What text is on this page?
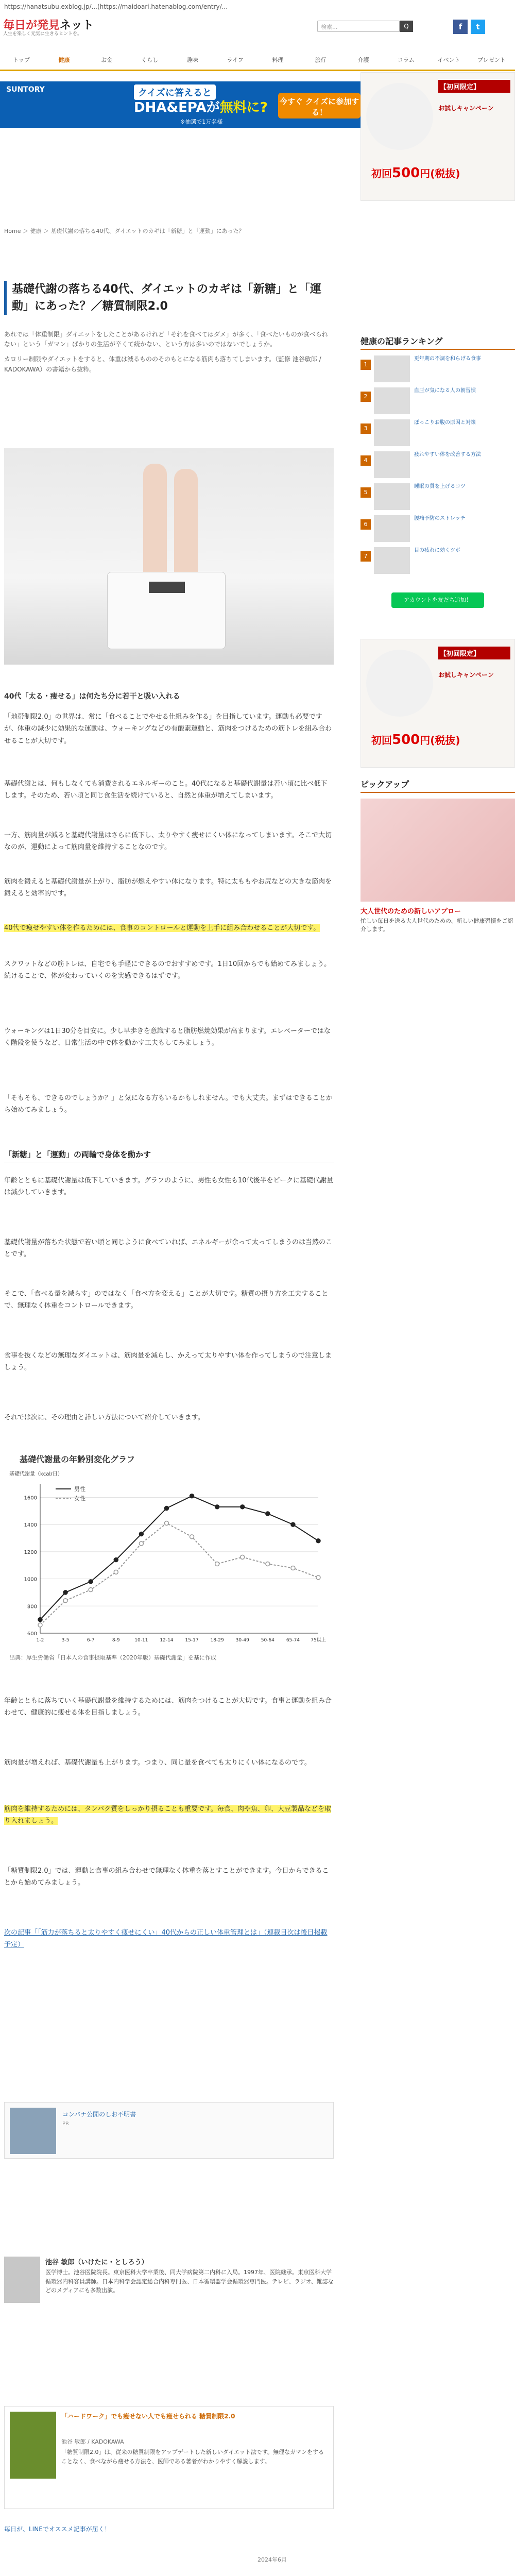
https://hanatsubu.exblog.jp/...(https://maidoari.hatenablog.com/entry/...
毎日が発見ネット
人生を楽しく元気に生きるヒントを。
検索...	Q	f	t
トップ	健康	お金	くらし	趣味	ライフ	料理	旅行	介護	コラム	イベント	プレゼント
SUNTORY	クイズに答えると
DHA&EPAが無料に? 今すぐ クイズに参加する！
※抽選で1万名様
Home ＞ 健康 ＞ 基礎代謝の落ちる40代、ダイエットのカギは「新糖」と「運動」にあった？
基礎代謝の落ちる40代、ダイエットのカギは「新糖」と「運動」にあった？／糖質制限2.0

あれでは「体重制限」ダイエットをしたことがあるけれど「それを食べてはダメ」が多く、「食べたいものが食べられない」という「ガマン」ばかりの生活が辛くて続かない、という方は多いのではないでしょうか。

カロリー制限やダイエットをすると、体重は減るもののそのもとになる筋肉も落ちてしまいます。（監修 池谷敏郎 / KADOKAWA）の書籍から抜粋。

40代「太る・痩せる」は何たち分に若干と吸い入れる

「地帯制限2.0」の世界は、常に「食べることでやせる仕組みを作る」を目指しています。運動も必要ですが、体重の減少に効果的な運動は、ウォーキングなどの有酸素運動と、筋肉をつけるための筋トレを組み合わせることが大切です。

基礎代謝とは、何もしなくても消費されるエネルギーのこと。40代になると基礎代謝量は若い頃に比べ低下します。そのため、若い頃と同じ食生活を続けていると、自然と体重が増えてしまいます。

一方、筋肉量が減ると基礎代謝量はさらに低下し、太りやすく痩せにくい体になってしまいます。そこで大切なのが、運動によって筋肉量を維持することなのです。

筋肉を鍛えると基礎代謝量が上がり、脂肪が燃えやすい体になります。特に太ももやお尻などの大きな筋肉を鍛えると効率的です。

40代で痩せやすい体を作るためには、食事のコントロールと運動を上手に組み合わせることが大切です。

スクワットなどの筋トレは、自宅でも手軽にできるのでおすすめです。1日10回からでも始めてみましょう。続けることで、体が変わっていくのを実感できるはずです。

ウォーキングは1日30分を目安に。少し早歩きを意識すると脂肪燃焼効果が高まります。エレベーターではなく階段を使うなど、日常生活の中で体を動かす工夫もしてみましょう。

「そもそも、できるのでしょうか？」と気になる方もいるかもしれません。でも大丈夫。まずはできることから始めてみましょう。

「新糖」と「運動」の両輪で身体を動かす

年齢とともに基礎代謝量は低下していきます。グラフのように、男性も女性も10代後半をピークに基礎代謝量は減少していきます。

基礎代謝量が落ちた状態で若い頃と同じように食べていれば、エネルギーが余って太ってしまうのは当然のことです。

そこで、「食べる量を減らす」のではなく「食べ方を変える」ことが大切です。糖質の摂り方を工夫することで、無理なく体重をコントロールできます。

食事を抜くなどの無理なダイエットは、筋肉量を減らし、かえって太りやすい体を作ってしまうので注意しましょう。

それでは次に、その理由と詳しい方法について紹介していきます。

基礎代謝量の年齢別変化グラフ
基礎代謝量（kcal/日）
600
800
1000
1200
1400
1600
1-2	3-5	6-7	8-9	10-11	12-14	15-17	18-29	30-49	50-64	65-74 75以上
男性
女性
出典：厚生労働省「日本人の食事摂取基準（2020年版）基礎代謝量」を基に作成

年齢とともに落ちていく基礎代謝量を維持するためには、筋肉をつけることが大切です。食事と運動を組み合わせて、健康的に痩せる体を目指しましょう。

筋肉量が増えれば、基礎代謝量も上がります。つまり、同じ量を食べても太りにくい体になるのです。

筋肉を維持するためには、タンパク質をしっかり摂ることも重要です。毎食、肉や魚、卵、大豆製品などを取り入れましょう。

「糖質制限2.0」では、運動と食事の組み合わせで無理なく体重を落とすことができます。今日からできることから始めてみましょう。

次の記事「「筋力が落ちると太りやすく痩せにくい」40代からの正しい体重管理とは」（連載目次は後日掲載予定）

コンバナ公開のしお不明書
PR
池谷 敏郎（いけたに・としろう）
医学博士。池谷医院院長。東京医科大学卒業後、同大学病院第二内科に入局。1997年、医院継承。東京医科大学循環器内科客員講師。日本内科学会認定総合内科専門医、日本循環器学会循環器専門医。テレビ、ラジオ、雑誌などのメディアにも多数出演。
「ハードワーク」でも痩せない人でも痩せられる 糖質制限2.0
池谷 敏郎 / KADOKAWA
「糖質制限2.0」は、従来の糖質制限をアップデートした新しいダイエット法です。無理なガマンをすることなく、食べながら痩せる方法を、医師である著者がわかりやすく解説します。
毎日が、LINEでオススメ記事が届く！
2024年6月
【初回限定】
お試しキャンペーン
初回500円(税抜)
健康の記事ランキング
1
更年期の不調を和らげる食事
2
血圧が気になる人の朝習慣
3
ぽっこりお腹の原因と対策
4
疲れやすい体を改善する方法
5
睡眠の質を上げるコツ
6
腰痛予防のストレッチ
7
目の疲れに効くツボ
アカウントを友だち追加！
【初回限定】
お試しキャンペーン
初回500円(税抜)
ピックアップ
大人世代のための新しいアプロー
忙しい毎日を送る大人世代のための、新しい健康習慣をご紹介します。
